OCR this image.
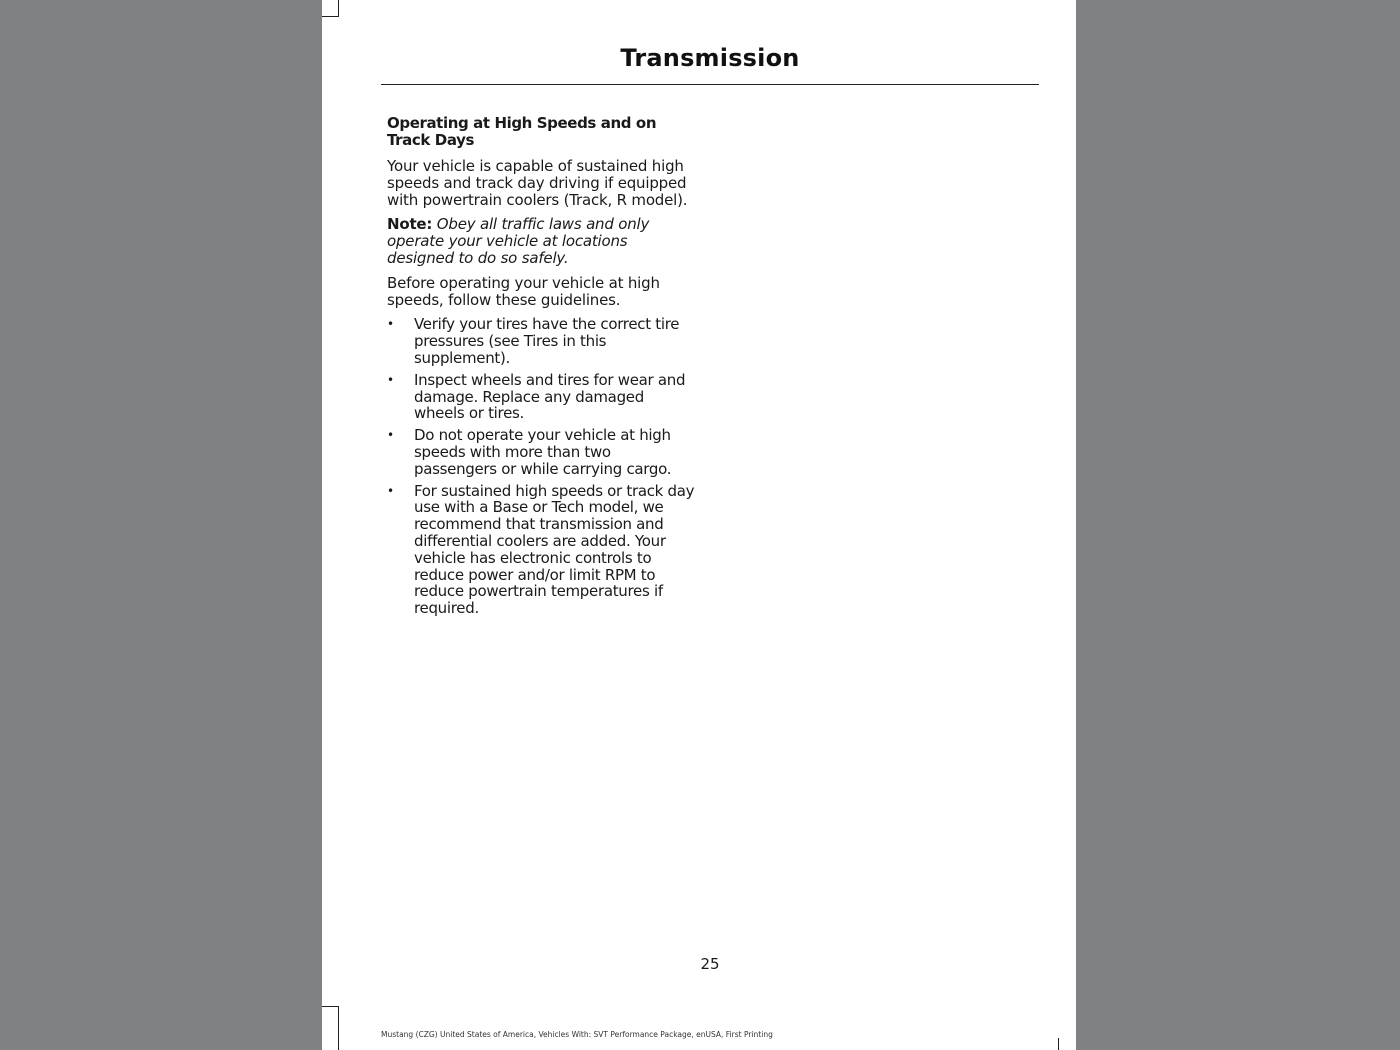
Transmission
Operating at High Speeds and on Track Days

Your vehicle is capable of sustained high speeds and track day driving if equipped with powertrain coolers (Track, R model).

Note: Obey all traffic laws and only operate your vehicle at locations designed to do so safely.

Before operating your vehicle at high speeds, follow these guidelines.

• Verify your tires have the correct tire pressures (see Tires in this supplement).
• Inspect wheels and tires for wear and damage. Replace any damaged wheels or tires.
• Do not operate your vehicle at high speeds with more than two passengers or while carrying cargo.
• For sustained high speeds or track day use with a Base or Tech model, we recommend that transmission and differential coolers are added. Your vehicle has electronic controls to reduce power and/or limit RPM to reduce powertrain temperatures if required.
25
Mustang (CZG) United States of America, Vehicles With: SVT Performance Package, enUSA, First Printing
